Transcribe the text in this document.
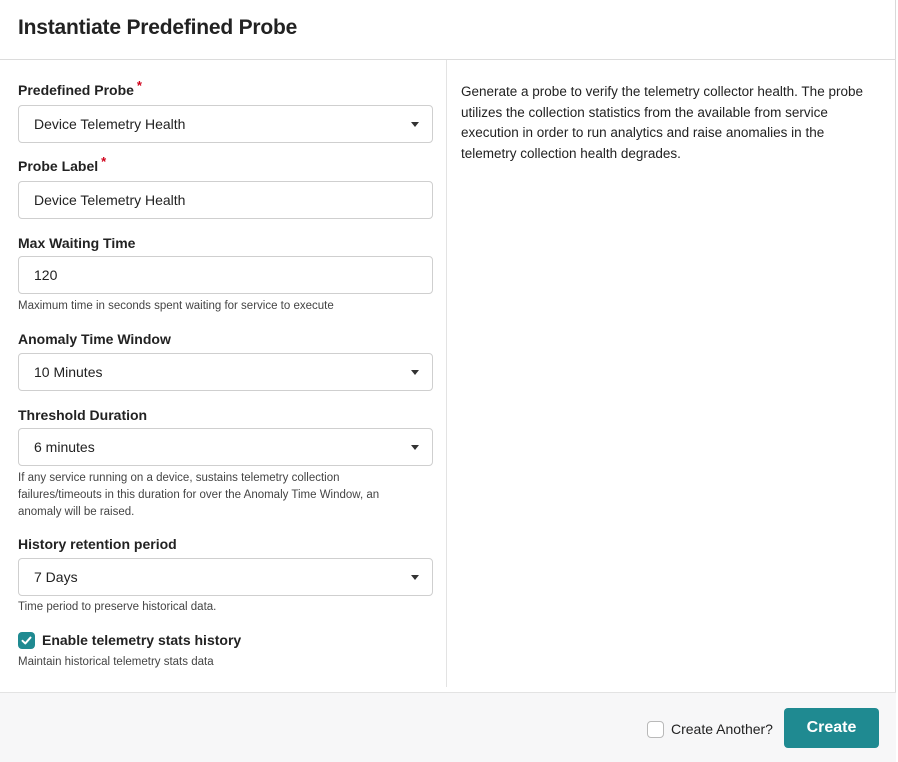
Instantiate Predefined Probe
Predefined Probe *
Device Telemetry Health
Probe Label *
Device Telemetry Health
Max Waiting Time
120
Maximum time in seconds spent waiting for service to execute
Anomaly Time Window
10 Minutes
Threshold Duration
6 minutes
If any service running on a device, sustains telemetry collection failures/timeouts in this duration for over the Anomaly Time Window, an anomaly will be raised.
History retention period
7 Days
Time period to preserve historical data.
Enable telemetry stats history
Maintain historical telemetry stats data
Generate a probe to verify the telemetry collector health. The probe utilizes the collection statistics from the available from service execution in order to run analytics and raise anomalies in the telemetry collection health degrades.
Create Another?	Create
